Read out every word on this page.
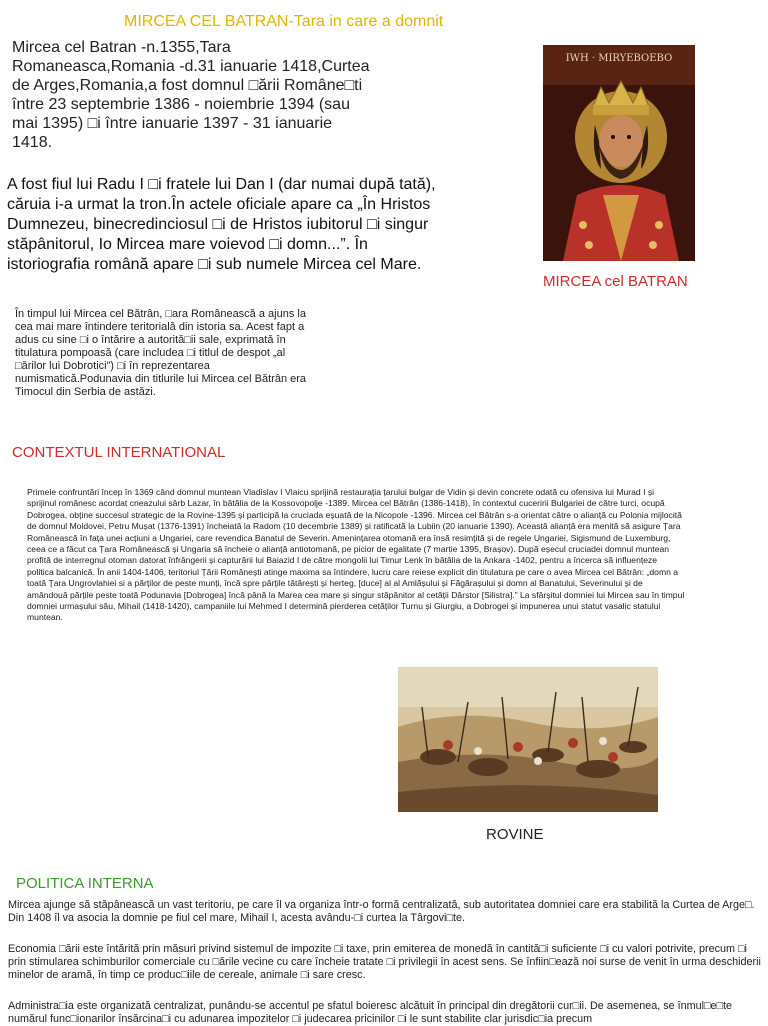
MIRCEA CEL BATRAN-Tara in care a domnit
Mircea cel Batran -n.1355,Tara Romaneasca,Romania -d.31 ianuarie 1418,Curtea de Arges,Romania,a fost domnul □ării Române□ti între 23 septembrie 1386 - noiembrie 1394 (sau mai 1395) □i între ianuarie 1397 - 31 ianuarie 1418.
IWH · MIRYEBOEBO
MIRCEA cel BATRAN
A fost fiul lui Radu I □i fratele lui Dan I (dar numai după tată), căruia i-a urmat la tron.În actele oficiale apare ca „În Hristos Dumnezeu, binecredinciosul □i de Hristos iubitorul □i singur stăpânitorul, Io Mircea mare voievod □i domn...”. În istoriografia română apare □i sub numele Mircea cel Mare.
În timpul lui Mircea cel Bătrân, □ara Românească a ajuns la cea mai mare întindere teritorială din istoria sa. Acest fapt a adus cu sine □i o întărire a autorită□ii sale, exprimată în titulatura pompoasă (care includea □i titlul de despot „al □ărilor lui Dobrotici”) □i în reprezentarea numismatică.Podunavia din titlurile lui Mircea cel Bătrân era Timocul din Serbia de astăzi.
CONTEXTUL INTERNATIONAL
Primele confruntări încep în 1369 când domnul muntean Vladislav I Vlaicu sprijină restaurația țarului bulgar de Vidin și devin concrete odată cu ofensiva lui Murad I și sprijinul românesc acordat cneazului sârb Lazar, în bătălia de la Kossovopolje -1389. Mircea cel Bătrân (1386-1418), în contextul cuceririi Bulgariei de către turci, ocupă Dobrogea, obține succesul strategic de la Rovine-1395 și participă la cruciada eșuată de la Nicopole -1396. Mircea cel Bătrân s-a orientat către o alianță cu Polonia mijlocită de domnul Moldovei, Petru Mușat (1376-1391) încheiată la Radom (10 decembrie 1389) și ratificată la Lubiin (20 ianuarie 1390). Această alianță era menită să asigure Țara Românească în fața unei acțiuni a Ungariei, care revendica Banatul de Severin. Amenințarea otomană era însă resimțită și de regele Ungariei, Sigismund de Luxemburg, ceea ce a făcut ca Țara Românească și Ungaria să încheie o alianță antiotomană, pe picior de egalitate (7 martie 1395, Brașov). După eșecul cruciadei domnul muntean profită de interregnul otoman datorat înfrângerii și capturării lui Baiazid I de către mongolii lui Timur Lenk în bătălia de la Ankara -1402, pentru a încerca să influențeze politica balcanică. În anii 1404-1406, teritoriul Țării Românești atinge maxima sa întindere, lucru care reiese explicit din titulatura pe care o avea Mircea cel Bătrân: „domn a toată Țara Ungrovlahiei si a părților de peste munți, încă spre părțile tătărești și herteg, [duce] al al Amlășului și Făgărașului și domn al Banatului, Severinului și de amândouă părțile peste toată Podunavia [Dobrogea] încă până la Marea cea mare și singur stăpânitor al cetății Dârstor [Silistra].” La sfârșitul domniei lui Mircea sau în timpul domniei urmașului său, Mihail (1418-1420), campaniile lui Mehmed I determină pierderea cetăților Turnu și Giurgiu, a Dobrogei și impunerea unui statut vasalic statului muntean.
ROVINE
POLITICA INTERNA
Mircea ajunge să stăpânească un vast teritoriu, pe care îl va organiza într-o formă centralizată, sub autoritatea domniei care era stabilită la Curtea de Arge□. Din 1408 îl va asocia la domnie pe fiul cel mare, Mihail I, acesta avându-□i curtea la Târgovi□te.
Economia □ării este întărită prin măsuri privind sistemul de impozite □i taxe, prin emiterea de monedă în cantită□i suficiente □i cu valori potrivite, precum □i prin stimularea schimburilor comerciale cu □ările vecine cu care încheie tratate □i privilegii în acest sens. Se înfiin□ează noi surse de venit în urma deschiderii minelor de aramă, în timp ce produc□iile de cereale, animale □i sare cresc.
Administra□ia este organizată centralizat, punându-se accentul pe sfatul boieresc alcătuit în principal din dregătorii cur□ii. De asemenea, se înmul□e□te numărul func□ionarilor însărcina□i cu adunarea impozitelor □i judecarea pricinilor □i le sunt stabilite clar jurisdic□ia precum
